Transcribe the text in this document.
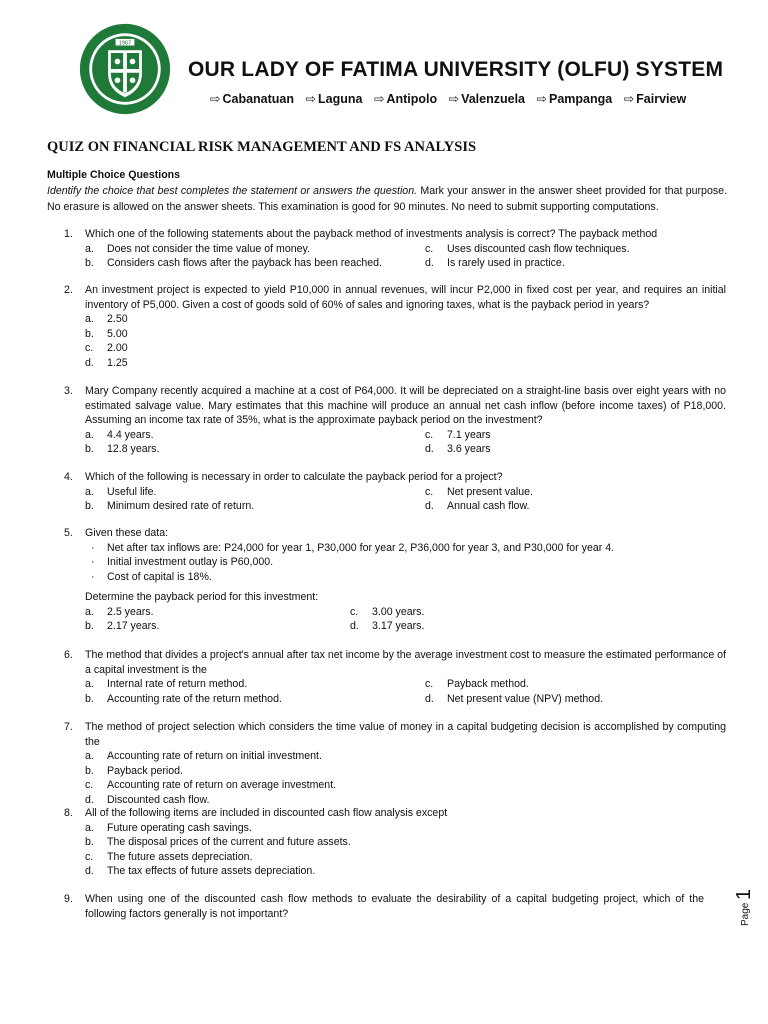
1967
OUR LADY OF FATIMA UNIVERSITY (OLFU) SYSTEM
⇨ Cabanatuan ⇨ Laguna ⇨ Antipolo ⇨ Valenzuela ⇨ Pampanga ⇨ Fairview
QUIZ ON FINANCIAL RISK MANAGEMENT AND FS ANALYSIS
Multiple Choice Questions
Identify the choice that best completes the statement or answers the question. Mark your answer in the answer sheet provided for that purpose. No erasure is allowed on the answer sheets. This examination is good for 90 minutes. No need to submit supporting computations.
1.	Which one of the following statements about the payback method of investments analysis is correct? The payback method
a.	Does not consider the time value of money.	c.	Uses discounted cash flow techniques.
b.	Considers cash flows after the payback has been reached.	d.	Is rarely used in practice.
2.	An investment project is expected to yield P10,000 in annual revenues, will incur P2,000 in fixed cost per year, and requires an initial inventory of P5,000. Given a cost of goods sold of 60% of sales and ignoring taxes, what is the payback period in years?
a.	2.50
b.	5.00
c.	2.00
d.	1.25
3.	Mary Company recently acquired a machine at a cost of P64,000. It will be depreciated on a straight-line basis over eight years with no estimated salvage value. Mary estimates that this machine will produce an annual net cash inflow (before income taxes) of P18,000. Assuming an income tax rate of 35%, what is the approximate payback period on the investment?
a.	4.4 years.	c.	7.1 years
b.	12.8 years.	d.	3.6 years
4.	Which of the following is necessary in order to calculate the payback period for a project?
a.	Useful life.	c.	Net present value.
b.	Minimum desired rate of return.	d.	Annual cash flow.
5.	Given these data:
·	Net after tax inflows are: P24,000 for year 1, P30,000 for year 2, P36,000 for year 3, and P30,000 for year 4.
·	Initial investment outlay is P60,000.
·	Cost of capital is 18%.
Determine the payback period for this investment:
a.	2.5 years.	c.	3.00 years.
b.	2.17 years.	d.	3.17 years.
6.	The method that divides a project's annual after tax net income by the average investment cost to measure the estimated performance of a capital investment is the
a.	Internal rate of return method.	c.	Payback method.
b.	Accounting rate of the return method.	d.	Net present value (NPV) method.
7.	The method of project selection which considers the time value of money in a capital budgeting decision is accomplished by computing the
a.	Accounting rate of return on initial investment.
b.	Payback period.
c.	Accounting rate of return on average investment.
d.	Discounted cash flow.
8.	All of the following items are included in discounted cash flow analysis except
a.	Future operating cash savings.
b.	The disposal prices of the current and future assets.
c.	The future assets depreciation.
d.	The tax effects of future assets depreciation.
9.	When using one of the discounted cash flow methods to evaluate the desirability of a capital budgeting project, which of the following factors generally is not important?	Page
1
